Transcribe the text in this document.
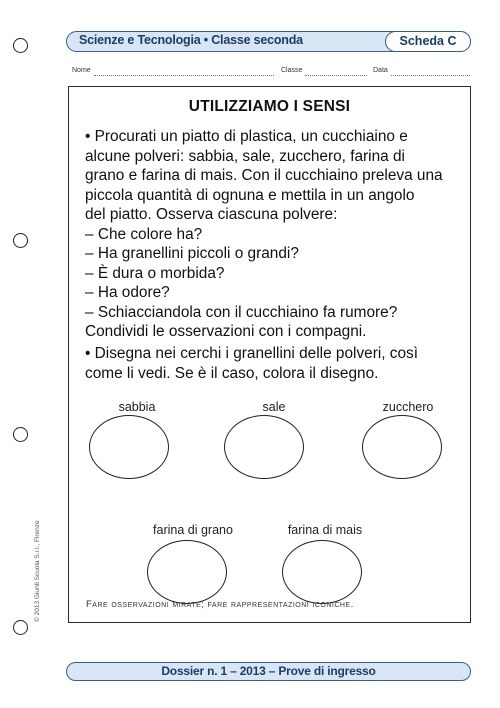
Scienze e Tecnologia • Classe seconda	Scheda C
Nome	Classe	Data
UTILIZZIAMO I SENSI
• Procurati un piatto di plastica, un cucchiaino e
alcune polveri: sabbia, sale, zucchero, farina di
grano e farina di mais. Con il cucchiaino preleva una
piccola quantità di ognuna e mettila in un angolo
del piatto. Osserva ciascuna polvere:
– Che colore ha?
– Ha granellini piccoli o grandi?
– È dura o morbida?
– Ha odore?
– Schiacciandola con il cucchiaino fa rumore?
Condividi le osservazioni con i compagni.
• Disegna nei cerchi i granellini delle polveri, così
come li vedi. Se è il caso, colora il disegno.
sabbia	sale	zucchero
farina di grano	farina di mais
Fare osservazioni mirate; fare rappresentazioni iconiche.
© 2013 Giunti Scuola S.r.l., Firenze
Dossier n. 1 – 2013 – Prove di ingresso
